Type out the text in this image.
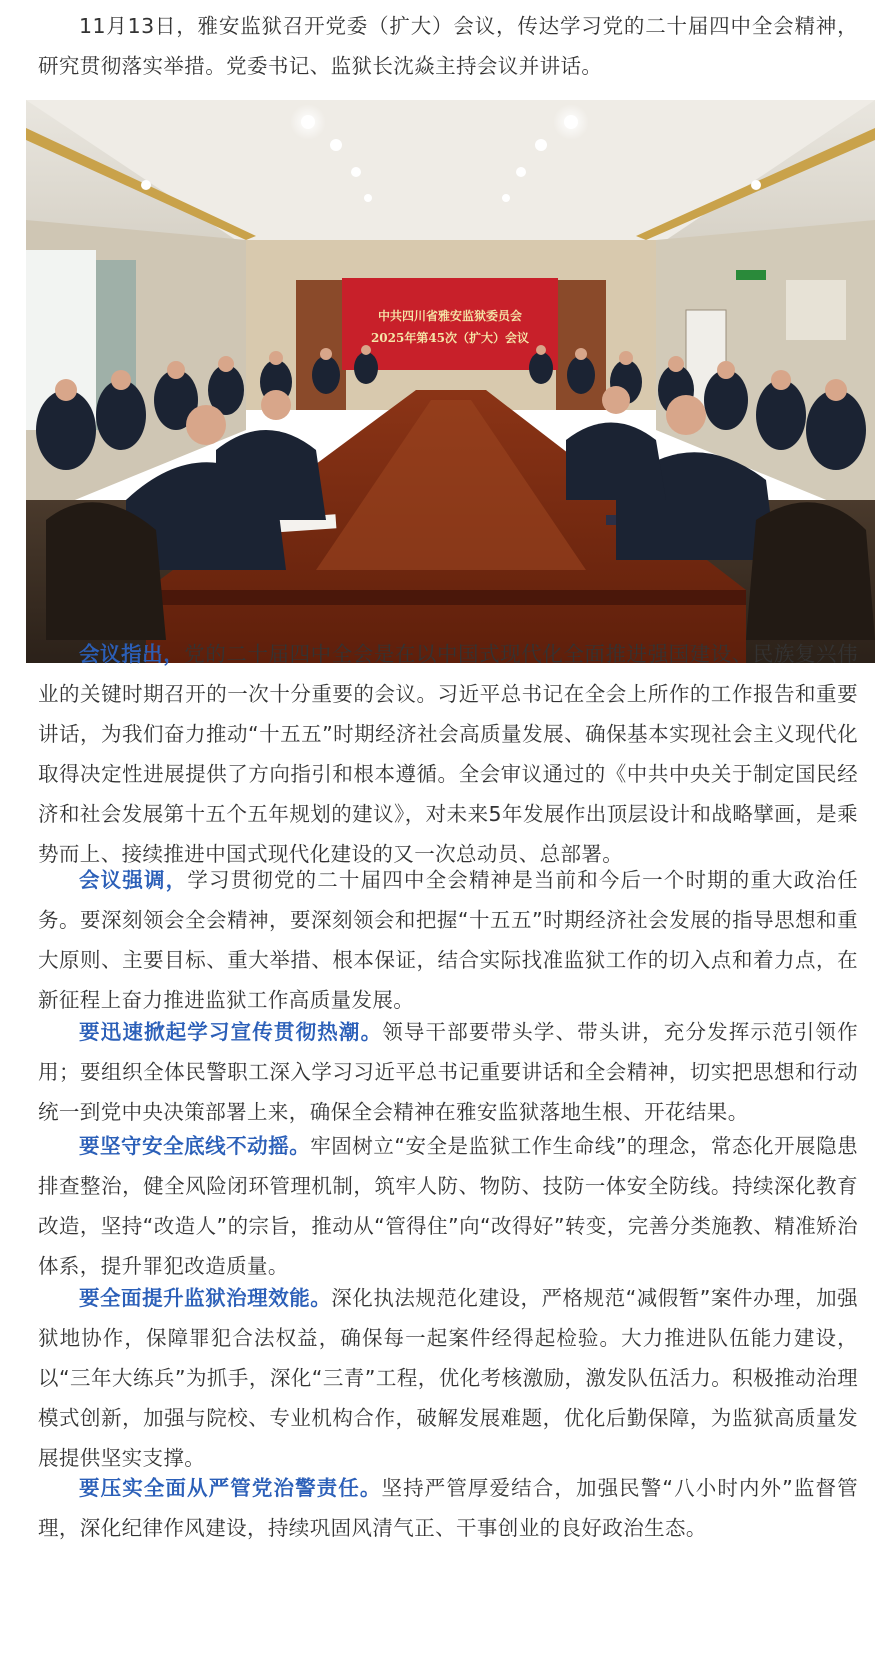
11月13日，雅安监狱召开党委（扩大）会议，传达学习党的二十届四中全会精神，研究贯彻落实举措。党委书记、监狱长沈焱主持会议并讲话。

中共四川省雅安监狱委员会
2025年第45次（扩大）会议

会议指出，党的二十届四中全会是在以中国式现代化全面推进强国建设、民族复兴伟业的关键时期召开的一次十分重要的会议。习近平总书记在全会上所作的工作报告和重要讲话，为我们奋力推动“十五五”时期经济社会高质量发展、确保基本实现社会主义现代化取得决定性进展提供了方向指引和根本遵循。全会审议通过的《中共中央关于制定国民经济和社会发展第十五个五年规划的建议》，对未来5年发展作出顶层设计和战略擘画，是乘势而上、接续推进中国式现代化建设的又一次总动员、总部署。

会议强调，学习贯彻党的二十届四中全会精神是当前和今后一个时期的重大政治任务。要深刻领会全会精神，要深刻领会和把握“十五五”时期经济社会发展的指导思想和重大原则、主要目标、重大举措、根本保证，结合实际找准监狱工作的切入点和着力点，在新征程上奋力推进监狱工作高质量发展。

要迅速掀起学习宣传贯彻热潮。领导干部要带头学、带头讲，充分发挥示范引领作用；要组织全体民警职工深入学习习近平总书记重要讲话和全会精神，切实把思想和行动统一到党中央决策部署上来，确保全会精神在雅安监狱落地生根、开花结果。

要坚守安全底线不动摇。牢固树立“安全是监狱工作生命线”的理念，常态化开展隐患排查整治，健全风险闭环管理机制，筑牢人防、物防、技防一体安全防线。持续深化教育改造，坚持“改造人”的宗旨，推动从“管得住”向“改得好”转变，完善分类施教、精准矫治体系，提升罪犯改造质量。

要全面提升监狱治理效能。深化执法规范化建设，严格规范“减假暂”案件办理，加强狱地协作，保障罪犯合法权益，确保每一起案件经得起检验。大力推进队伍能力建设，以“三年大练兵”为抓手，深化“三青”工程，优化考核激励，激发队伍活力。积极推动治理模式创新，加强与院校、专业机构合作，破解发展难题，优化后勤保障，为监狱高质量发展提供坚实支撑。

要压实全面从严管党治警责任。坚持严管厚爱结合，加强民警“八小时内外”监督管理，深化纪律作风建设，持续巩固风清气正、干事创业的良好政治生态。
